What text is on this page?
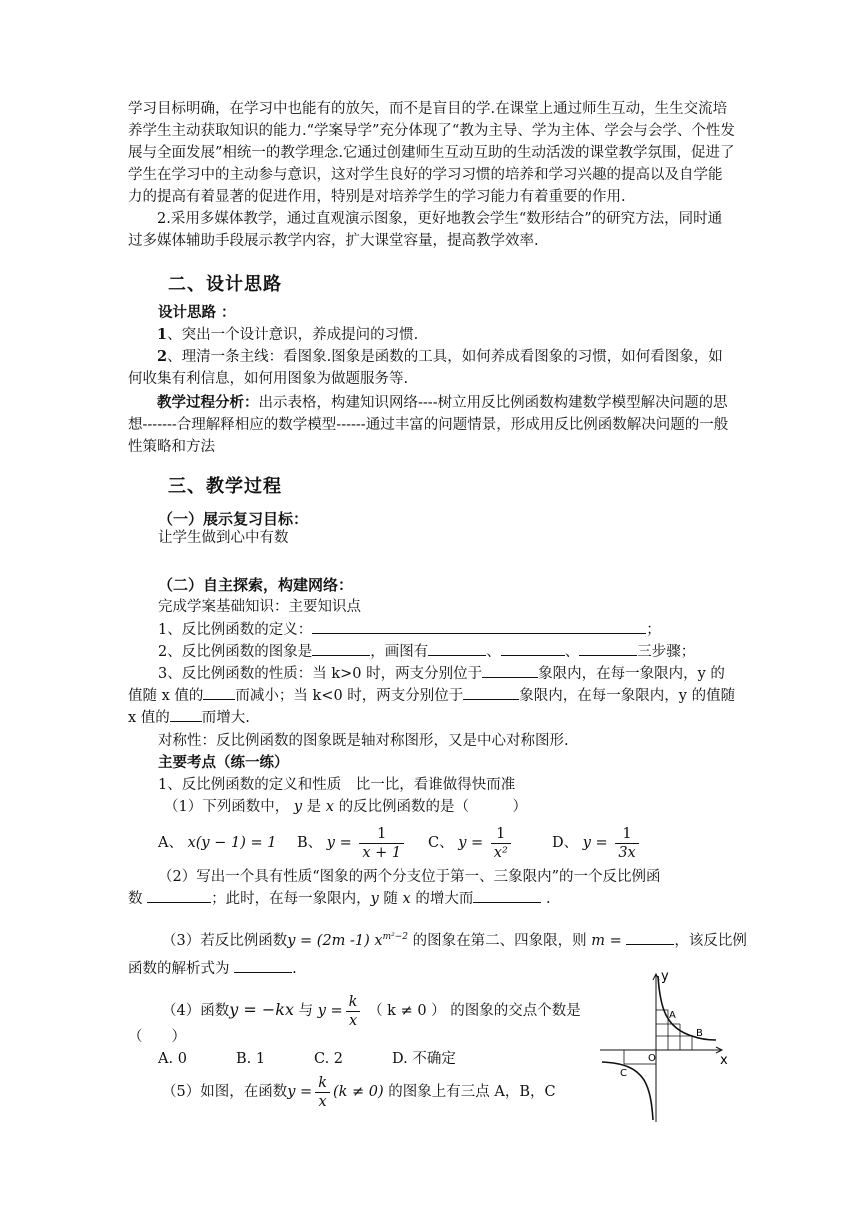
学习目标明确，在学习中也能有的放矢，而不是盲目的学.在课堂上通过师生互动，生生交流培养学生主动获取知识的能力.“学案导学”充分体现了“教为主导、学为主体、学会与会学、个性发展与全面发展”相统一的教学理念.它通过创建师生互动互助的生动活泼的课堂教学氛围，促进了学生在学习中的主动参与意识，这对学生良好的学习习惯的培养和学习兴趣的提高以及自学能力的提高有着显著的促进作用，特别是对培养学生的学习能力有着重要的作用.
2.采用多媒体教学，通过直观演示图象，更好地教会学生“数形结合”的研究方法，同时通过多媒体辅助手段展示教学内容，扩大课堂容量，提高教学效率.
二、设计思路
设计思路 ：
1、突出一个设计意识，养成提问的习惯.
2、理清一条主线：看图象.图象是函数的工具，如何养成看图象的习惯，如何看图象，如何收集有利信息，如何用图象为做题服务等.
教学过程分析：出示表格，构建知识网络----树立用反比例函数构建数学模型解决问题的思想-------合理解释相应的数学模型------通过丰富的问题情景，形成用反比例函数解决问题的一般性策略和方法
三、教学过程
（一）展示复习目标：
让学生做到心中有数
（二）自主探索，构建网络：
完成学案基础知识：主要知识点
1、反比例函数的定义：	；
2、反比例函数的图象是	，画图有	、	、	三步骤；
3、反比例函数的性质：当 k>0 时，两支分别位于	象限内，在每一象限内，y 的
值随 x 值的 而减小；当 k<0 时，两支分别位于	象限内，在每一象限内，y 的值随
x 值的 而增大.
对称性：反比例函数的图象既是轴对称图形，又是中心对称图形.
主要考点（练一练）
1、反比例函数的定义和性质　比一比，看谁做得快而准
（1）下列函数中， y 是 x 的反比例函数的是（　　　）
A、 x(y − 1) = 1 B、 $y = \frac{1}{x + 1}$ C、 $y = \frac{1}{\text{x²}}$	D、 $y = \frac{1}{3x}$
（2）写出一个具有性质“图象的两个分支位于第一、三象限内”的一个反比例函
数	；此时，在每一象限内，y 随 x 的增大而	.
（3）若反比例函数y = (2m -1) $x^{m^2-2}$ 的图象在第二、四象限，则 m =	，该反比例
函数的解析式为	.
（4）函数y = −kx 与 $y = \frac{k}{x}$ （ k ≠ 0 ） 的图象的交点个数是
（　　）
A. 0	B. 1	C. 2	D. 不确定
（5）如图，在函数$y = \frac{k}{x} (k \ne 0)$ 的图象上有三点 A，B，C
y
x
O
A
B
C
